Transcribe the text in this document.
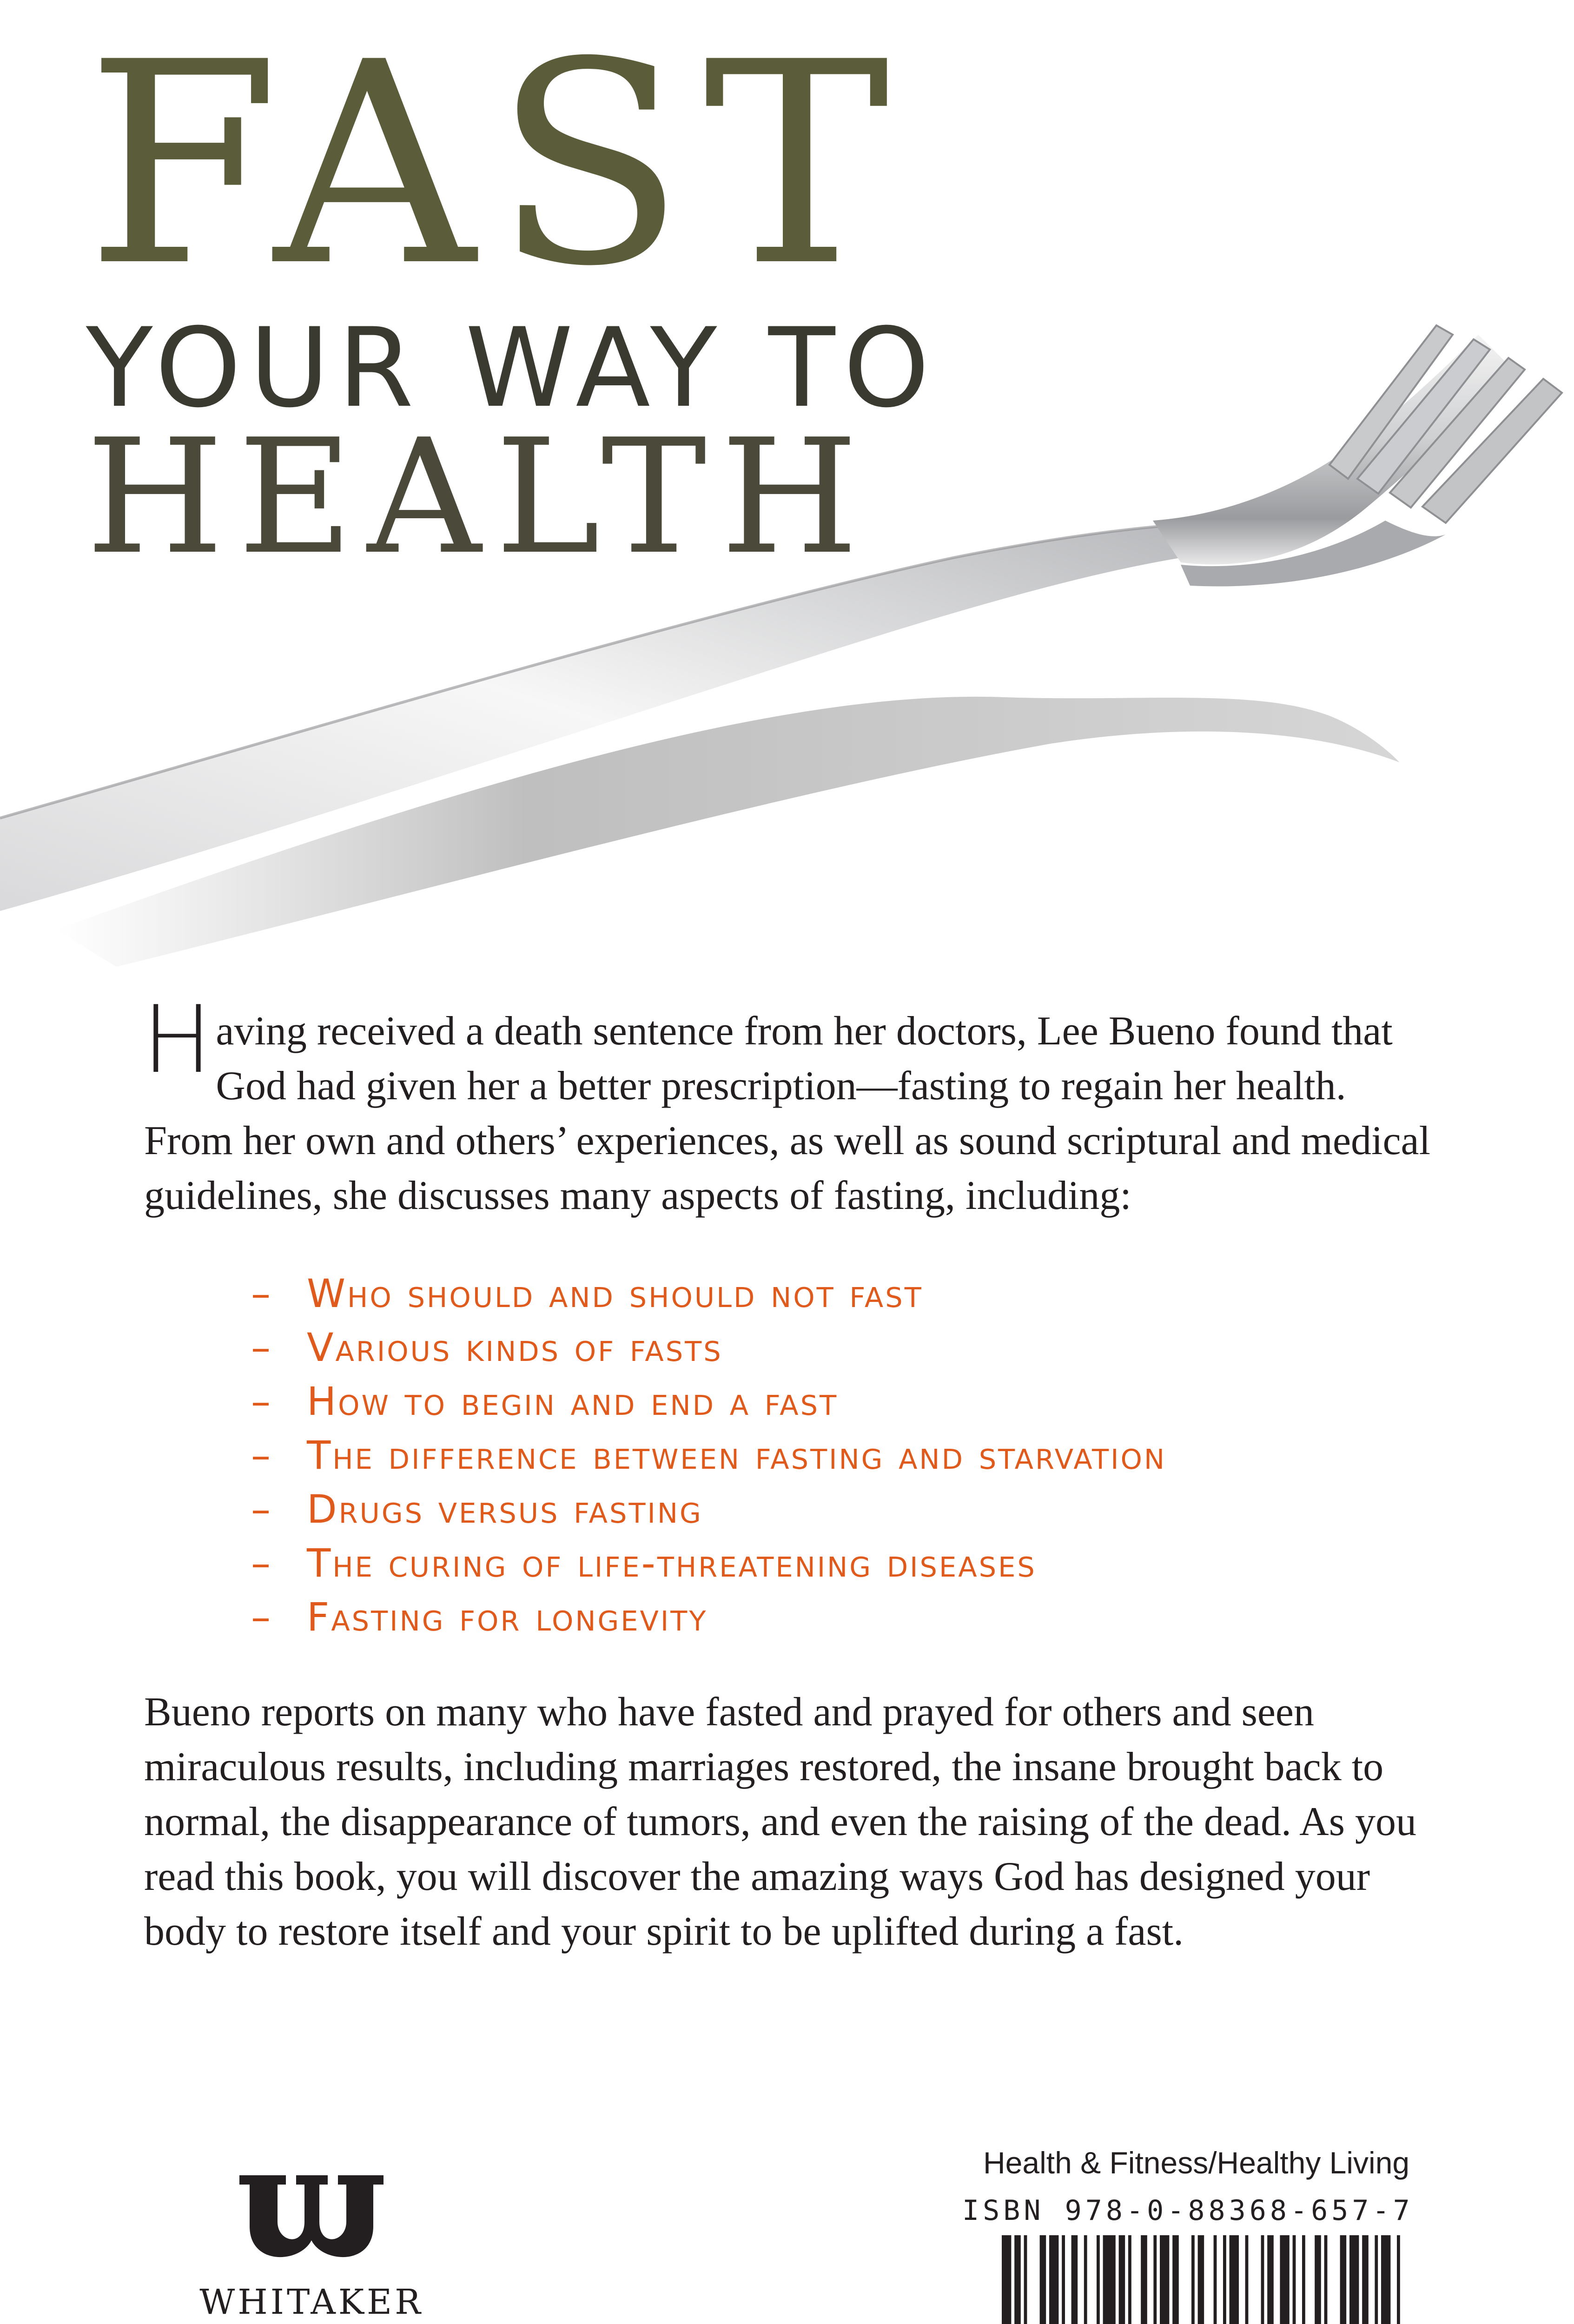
FAST
YOUR WAY TO
HEALTH

Having received a death sentence from her doctors, Lee Bueno found that God had given her a better prescription—fasting to regain her health. From her own and others’ experiences, as well as sound scriptural and medical guidelines, she discusses many aspects of fasting, including:

– Who should and should not fast
– Various kinds of fasts
– How to begin and end a fast
– The difference between fasting and starvation
– Drugs versus fasting
– The curing of life-threatening diseases
– Fasting for longevity

Bueno reports on many who have fasted and prayed for others and seen miraculous results, including marriages restored, the insane brought back to normal, the disappearance of tumors, and even the raising of the dead. As you read this book, you will discover the amazing ways God has designed your body to restore itself and your spirit to be uplifted during a fast.

WHITAKER
Health & Fitness/Healthy Living
ISBN 978-0-88368-657-7
